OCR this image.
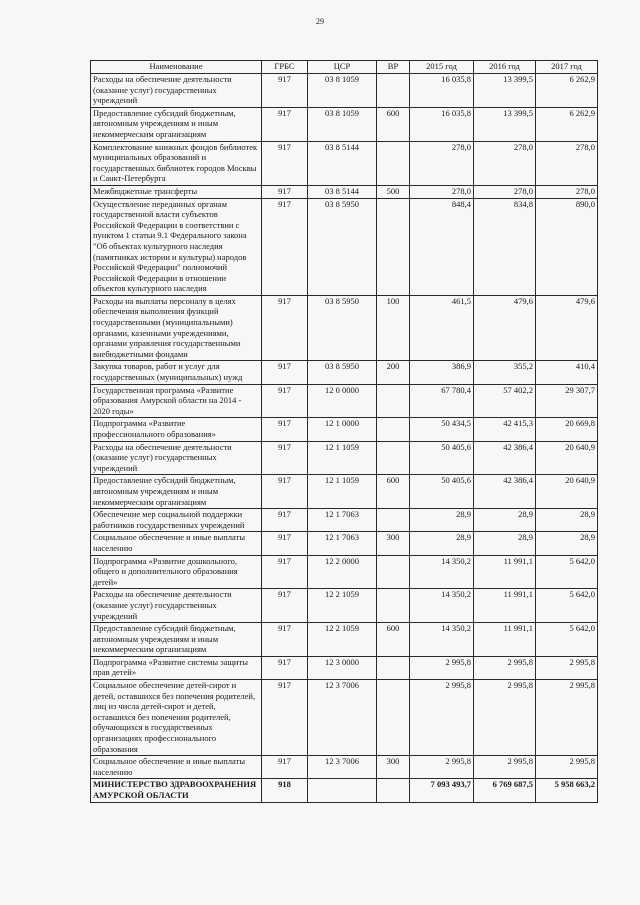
29
Наименование	ГРБС	ЦСР	ВР	2015 год	2016 год	2017 год
Расходы на обеспечение деятельности (оказание услуг) государственных учреждений	917	03 8 1059		16 035,8	13 399,5	6 262,9
Предоставление субсидий бюджетным, автономным учреждениям и иным некоммерческим организациям	917	03 8 1059	600	16 035,8	13 399,5	6 262,9
Комплектование книжных фондов библиотек муниципальных образований и государственных библиотек городов Москвы и Санкт-Петербурга	917	03 8 5144		278,0	278,0	278,0
Межбюджетные трансферты	917	03 8 5144	500	278,0	278,0	278,0
Осуществление переданных органам государственной власти субъектов Российской Федерации в соответствии с пунктом 1 статьи 9.1 Федерального закона "Об объектах культурного наследия (памятниках истории и культуры) народов Российской Федерации" полномочий Российской Федерации в отношении объектов культурного наследия	917	03 8 5950		848,4	834,8	890,0
Расходы на выплаты персоналу в целях обеспечения выполнения функций государственными (муниципальными) органами, казенными учреждениями, органами управления государственными внебюджетными фондами	917	03 8 5950	100	461,5	479,6	479,6
Закупка товаров, работ и услуг для государственных (муниципальных) нужд	917	03 8 5950	200	386,9	355,2	410,4
Государственная программа «Развитие образования Амурской области на 2014 - 2020 годы»	917	12 0 0000		67 780,4	57 402,2	29 307,7
Подпрограмма «Развитие профессионального образования»	917	12 1 0000		50 434,5	42 415,3	20 669,8
Расходы на обеспечение деятельности (оказание услуг) государственных учреждений	917	12 1 1059		50 405,6	42 386,4	20 640,9
Предоставление субсидий бюджетным, автономным учреждениям и иным некоммерческим организациям	917	12 1 1059	600	50 405,6	42 386,4	20 640,9
Обеспечение мер социальной поддержки работников государственных учреждений	917	12 1 7063		28,9	28,9	28,9
Социальное обеспечение и иные выплаты населению	917	12 1 7063	300	28,9	28,9	28,9
Подпрограмма «Развитие дошкольного, общего и дополнительного образования детей»	917	12 2 0000		14 350,2	11 991,1	5 642,0
Расходы на обеспечение деятельности (оказание услуг) государственных учреждений	917	12 2 1059		14 350,2	11 991,1	5 642,0
Предоставление субсидий бюджетным, автономным учреждениям и иным некоммерческим организациям	917	12 2 1059	600	14 350,2	11 991,1	5 642,0
Подпрограмма «Развитие системы защиты прав детей»	917	12 3 0000		2 995,8	2 995,8	2 995,8
Социальное обеспечение детей-сирот и детей, оставшихся без попечения родителей, лиц из числа детей-сирот и детей, оставшихся без попечения родителей, обучающихся в государственных организациях профессионального образования	917	12 3 7006		2 995,8	2 995,8	2 995,8
Социальное обеспечение и иные выплаты населению	917	12 3 7006	300	2 995,8	2 995,8	2 995,8
МИНИСТЕРСТВО ЗДРАВООХРАНЕНИЯ АМУРСКОЙ ОБЛАСТИ	918			7 093 493,7	6 769 687,5	5 958 663,2
